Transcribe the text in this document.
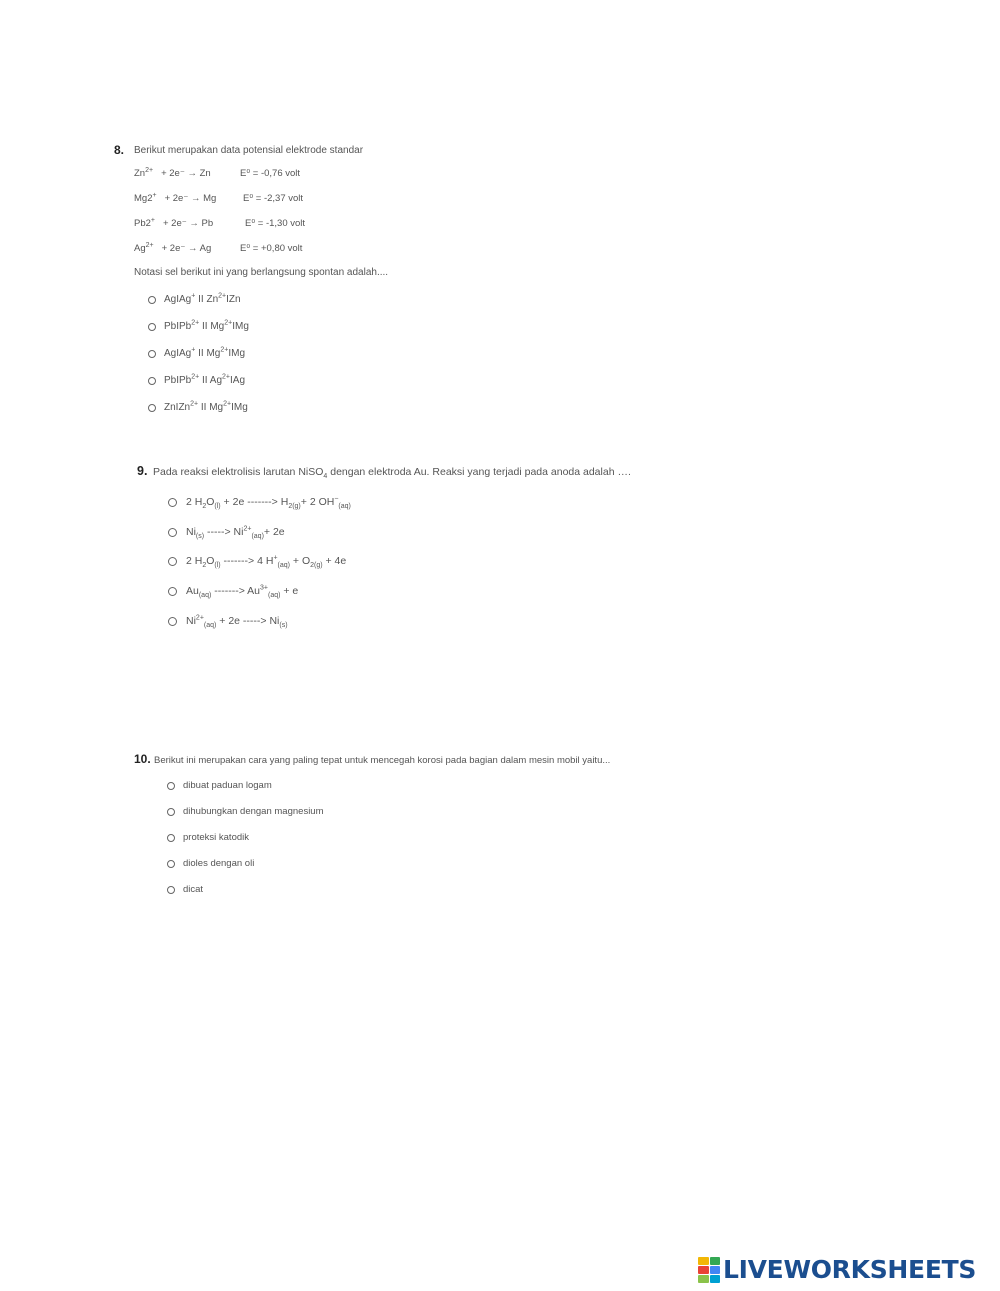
8. Berikut merupakan data potensial elektrode standar
$Zn^{2+} + 2e^- \to Zn$	E⁰ = -0,76 volt
Mg2+ + 2e⁻ → Mg	E⁰ = -2,37 volt
Pb2+ + 2e⁻ → Pb	E⁰ = -1,30 volt
$Ag^{2+} + 2e^- \to Ag$	E⁰ = +0,80 volt
Notasi sel berikut ini yang berlangsung spontan adalah....
AgIAg+ II $Zn^{2+}IZn$
PbIPb$^{2+}$ II $Mg^{2+}IMg$
AgIAg+ II $Mg^{2+}IMg$
PbIPb$^{2+}$ II $Ag^{2+}IAg$
ZnIZn$^{2+}$ II $Mg^{2+}IMg$
9. Pada reaksi elektrolisis larutan NiSO$_4$ dengan elektroda Au. Reaksi yang terjadi pada anoda adalah ….
2 $H_2O_{(l)} + 2e$ -------> $H_{2(g)}+ 2$ $OH^-_{(aq)}$
$Ni_{(s)}$ -----> $Ni^{2+}_{(aq)}+ 2e$
2 $H_2O_{(l)}$ -------> 4 $H^+_{(aq)} + O_{2(g)} + 4e$
$Au_{(aq)}$ -------> $Au^{3+}_{(aq)} + e$
$Ni^{2+}_{(aq)} + 2e$ -----> $Ni_{(s)}$
10. Berikut ini merupakan cara yang paling tepat untuk mencegah korosi pada bagian dalam mesin mobil yaitu...
dibuat paduan logam
dihubungkan dengan magnesium
proteksi katodik
dioles dengan oli
dicat
LIVEWORKSHEETS
